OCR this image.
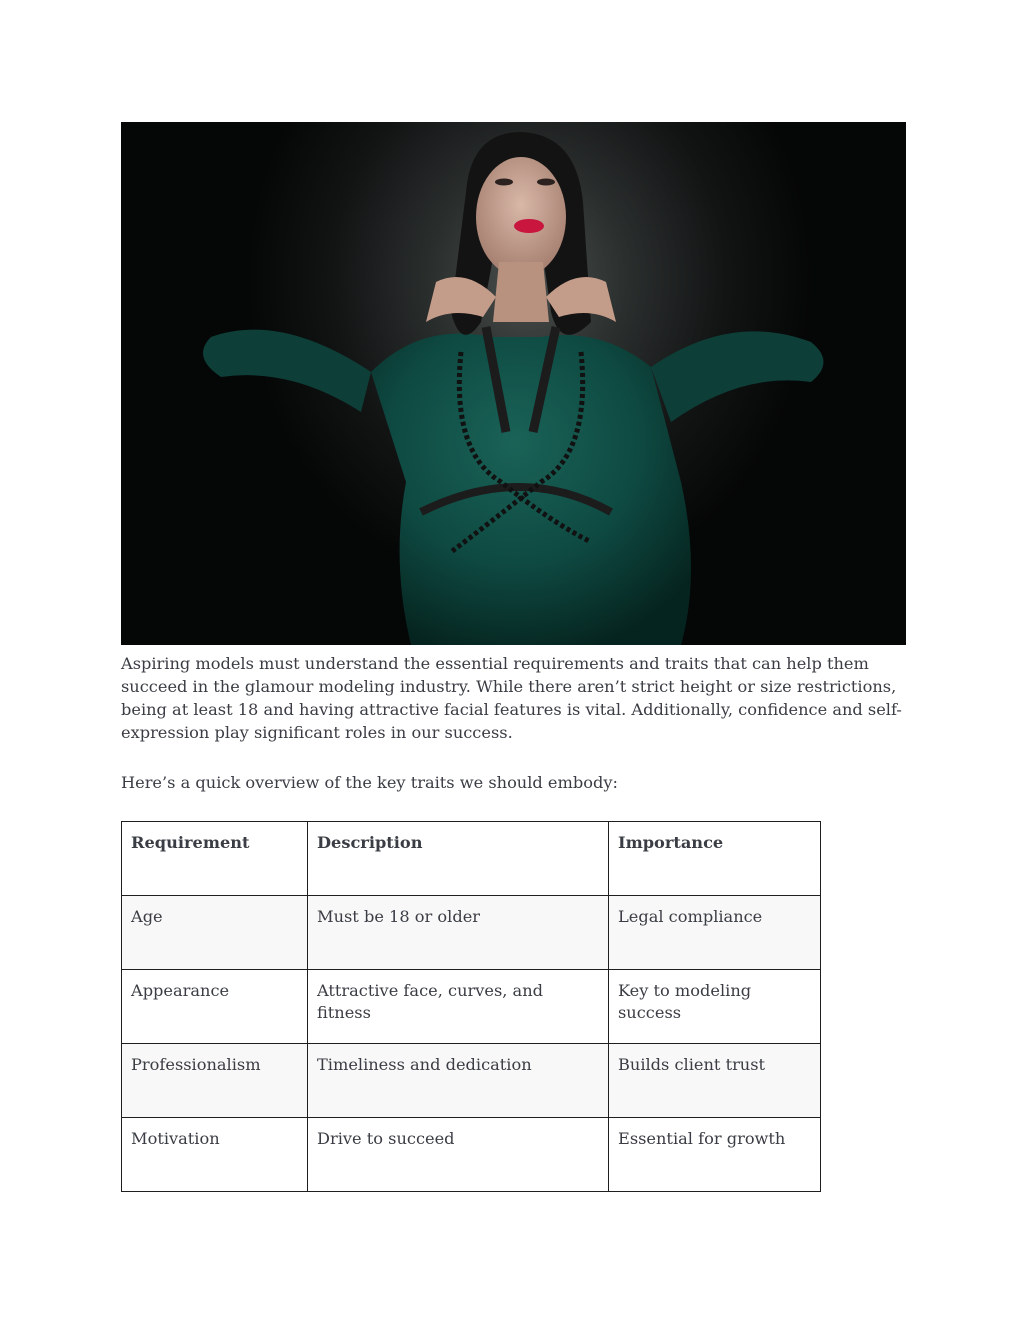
Aspiring models must understand the essential requirements and traits that can help them succeed in the glamour modeling industry. While there aren’t strict height or size restrictions, being at least 18 and having attractive facial features is vital. Additionally, confidence and self-expression play significant roles in our success.

Here’s a quick overview of the key traits we should embody:

Requirement	Description	Importance
Age	Must be 18 or older	Legal compliance
Appearance	Attractive face, curves, and fitness	Key to modeling success
Professionalism	Timeliness and dedication	Builds client trust
Motivation	Drive to succeed	Essential for growth
